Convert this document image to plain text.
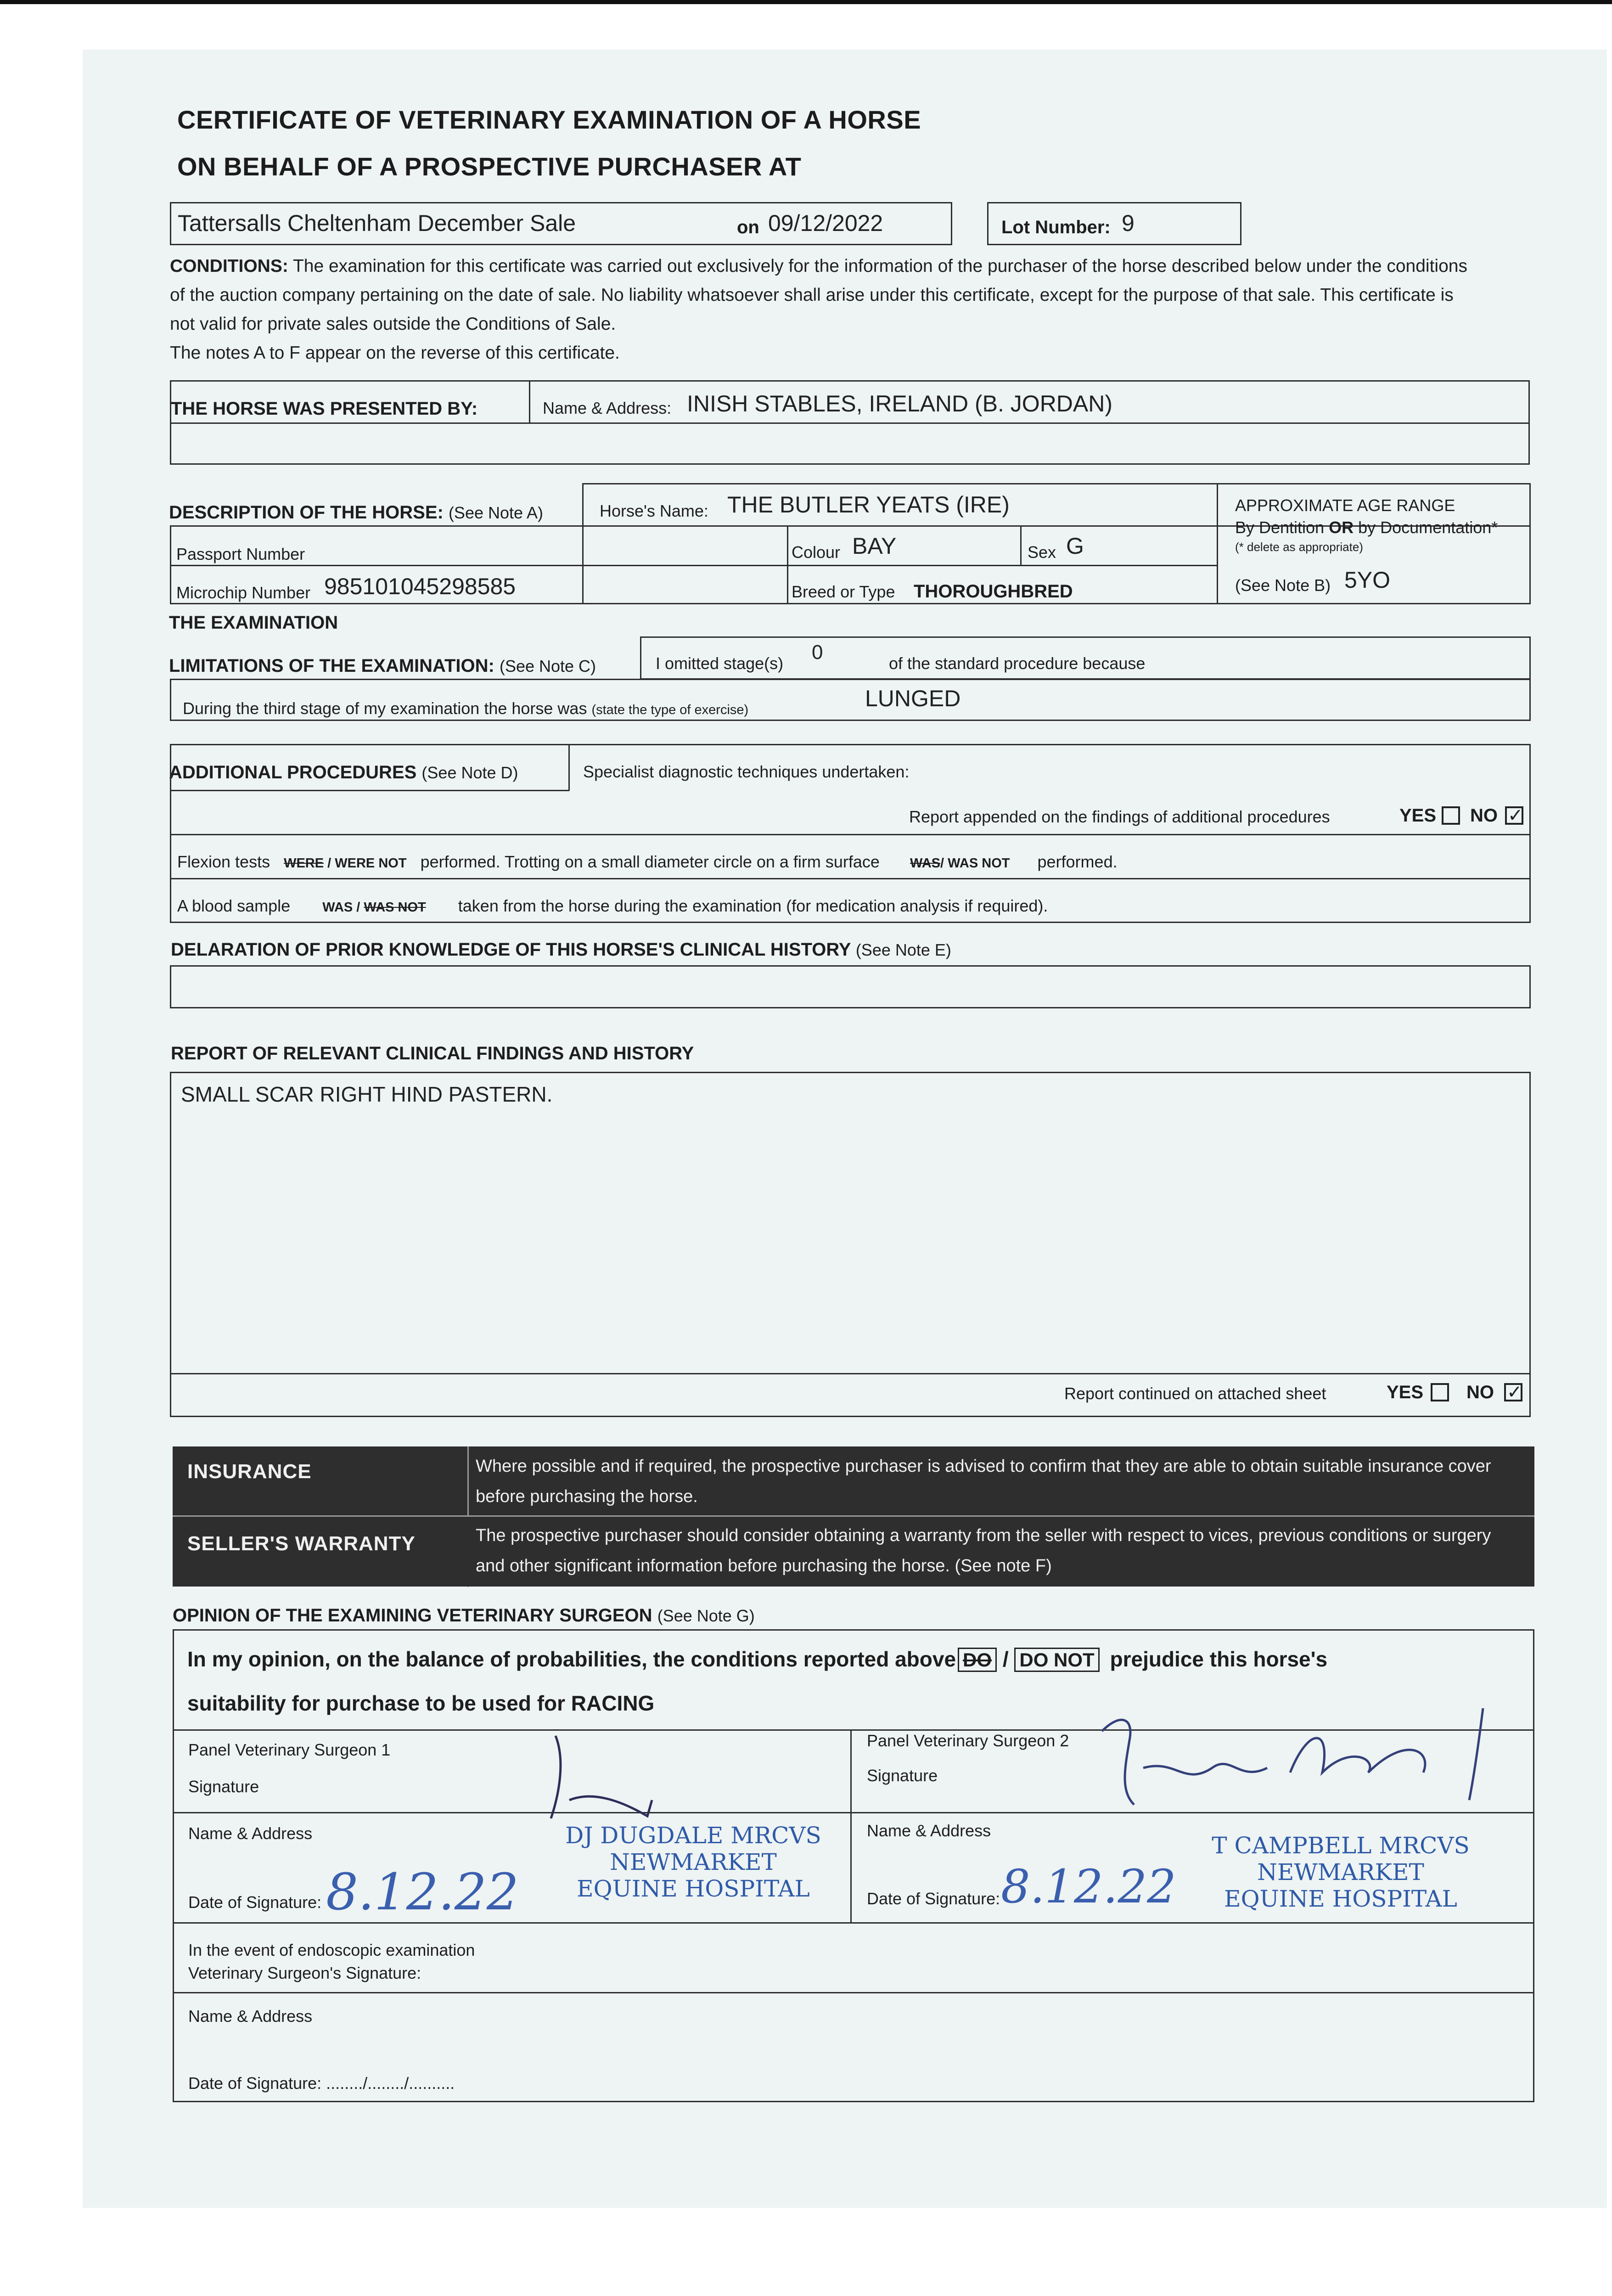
CERTIFICATE OF VETERINARY EXAMINATION OF A HORSE
ON BEHALF OF A PROSPECTIVE PURCHASER AT
Tattersalls Cheltenham December Sale	on 09/12/2022	Lot Number: 9
CONDITIONS: The examination for this certificate was carried out exclusively for the information of the purchaser of the horse described below under the conditions of the auction company pertaining on the date of sale. No liability whatsoever shall arise under this certificate, except for the purpose of that sale. This certificate is not valid for private sales outside the Conditions of Sale.
The notes A to F appear on the reverse of this certificate.
THE HORSE WAS PRESENTED BY:	Name & Address: INISH STABLES, IRELAND (B. JORDAN)
DESCRIPTION OF THE HORSE: (See Note A)	Horse's Name: THE BUTLER YEATS (IRE)
Passport Number	Colour BAY	Sex G
Microchip Number 985101045298585	Breed or Type THOROUGHBRED
APPROXIMATE AGE RANGE
By Dentition OR by Documentation*
(* delete as appropriate)
(See Note B) 5YO
THE EXAMINATION
LIMITATIONS OF THE EXAMINATION: (See Note C)	I omitted stage(s) 0	of the standard procedure because
During the third stage of my examination the horse was (state the type of exercise)	LUNGED
ADDITIONAL PROCEDURES (See Note D)	Specialist diagnostic techniques undertaken:
Report appended on the findings of additional procedures	YES NO
✓
Flexion tests WERE / WERE NOT performed. Trotting on a small diameter circle on a firm surface WAS/ WAS NOT performed.
A blood sample WAS / WAS NOT taken from the horse during the examination (for medication analysis if required).
DELARATION OF PRIOR KNOWLEDGE OF THIS HORSE'S CLINICAL HISTORY (See Note E)
REPORT OF RELEVANT CLINICAL FINDINGS AND HISTORY
SMALL SCAR RIGHT HIND PASTERN.
Report continued on attached sheet	YES NO
✓
INSURANCE	Where possible and if required, the prospective purchaser is advised to confirm that they are able to obtain suitable insurance cover before purchasing the horse.
SELLER'S WARRANTY	The prospective purchaser should consider obtaining a warranty from the seller with respect to vices, previous conditions or surgery and other significant information before purchasing the horse. (See note F)
OPINION OF THE EXAMINING VETERINARY SURGEON (See Note G)
In my opinion, on the balance of probabilities, the conditions reported above DO / DO NOT prejudice this horse's
suitability for purchase to be used for RACING
Panel Veterinary Surgeon 1
Signature
Name & Address
Date of Signature: 8.12.22
DJ DUGDALE MRCVS
NEWMARKET
EQUINE HOSPITAL
Panel Veterinary Surgeon 2
Signature
Name & Address
Date of Signature: 8.12.22
T CAMPBELL MRCVS
NEWMARKET
EQUINE HOSPITAL
In the event of endoscopic examination
Veterinary Surgeon's Signature:
Name & Address
Date of Signature: ......../......../..........
